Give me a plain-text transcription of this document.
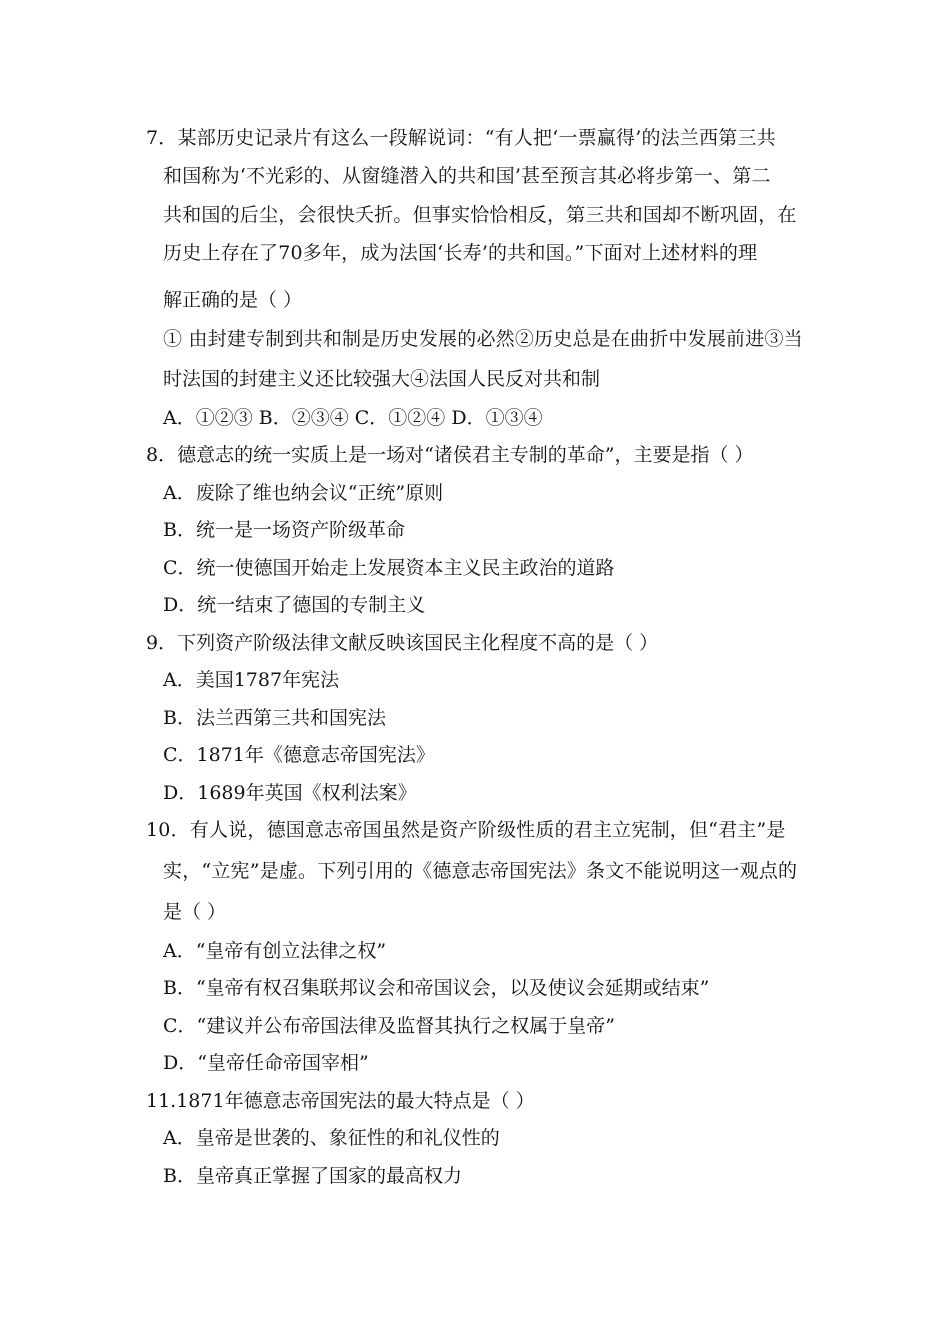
7．某部历史记录片有这么一段解说词：“有人把‘一票赢得’的法兰西第三共
和国称为‘不光彩的、从窗缝潜入的共和国’甚至预言其必将步第一、第二
共和国的后尘，会很快夭折。但事实恰恰相反，第三共和国却不断巩固，在
历史上存在了70多年，成为法国‘长寿’的共和国。”下面对上述材料的理
解正确的是（ ）
① 由封建专制到共和制是历史发展的必然②历史总是在曲折中发展前进③当
时法国的封建主义还比较强大④法国人民反对共和制
A．①②③ B．②③④ C．①②④ D．①③④
8．德意志的统一实质上是一场对“诸侯君主专制的革命”，主要是指（ ）
A．废除了维也纳会议“正统”原则
B．统一是一场资产阶级革命
C．统一使德国开始走上发展资本主义民主政治的道路
D．统一结束了德国的专制主义
9．下列资产阶级法律文献反映该国民主化程度不高的是（ ）
A．美国1787年宪法
B．法兰西第三共和国宪法
C．1871年《德意志帝国宪法》
D．1689年英国《权利法案》
10．有人说，德国意志帝国虽然是资产阶级性质的君主立宪制，但“君主”是
实，“立宪”是虚。下列引用的《德意志帝国宪法》条文不能说明这一观点的
是（ ）
A．“皇帝有创立法律之权”
B．“皇帝有权召集联邦议会和帝国议会，以及使议会延期或结束”
C．“建议并公布帝国法律及监督其执行之权属于皇帝”
D．“皇帝任命帝国宰相”
11.1871年德意志帝国宪法的最大特点是（ ）
A．皇帝是世袭的、象征性的和礼仪性的
B．皇帝真正掌握了国家的最高权力
